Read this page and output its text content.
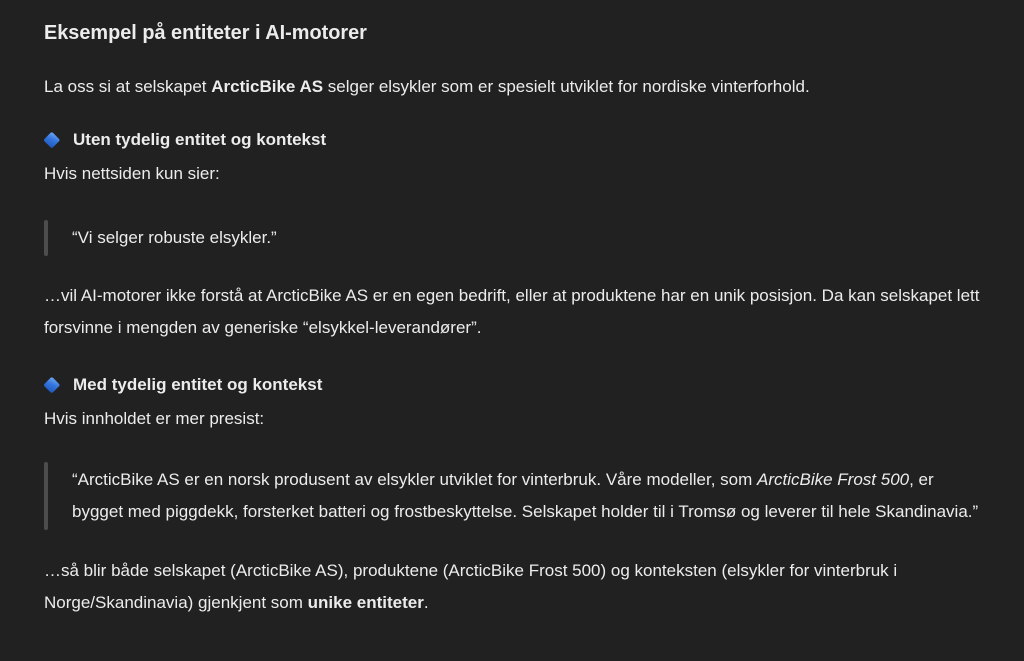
Eksempel på entiteter i AI-motorer

La oss si at selskapet ArcticBike AS selger elsykler som er spesielt utviklet for nordiske vinterforhold.

Uten tydelig entitet og kontekst

Hvis nettsiden kun sier:

“Vi selger robuste elsykler.”

…vil AI-motorer ikke forstå at ArcticBike AS er en egen bedrift, eller at produktene har en unik posisjon. Da kan selskapet lett forsvinne i mengden av generiske “elsykkel-leverandører”.

Med tydelig entitet og kontekst

Hvis innholdet er mer presist:

“ArcticBike AS er en norsk produsent av elsykler utviklet for vinterbruk. Våre modeller, som ArcticBike Frost 500, er bygget med piggdekk, forsterket batteri og frostbeskyttelse. Selskapet holder til i Tromsø og leverer til hele Skandinavia.”

…så blir både selskapet (ArcticBike AS), produktene (ArcticBike Frost 500) og konteksten (elsykler for vinterbruk i Norge/Skandinavia) gjenkjent som unike entiteter.
